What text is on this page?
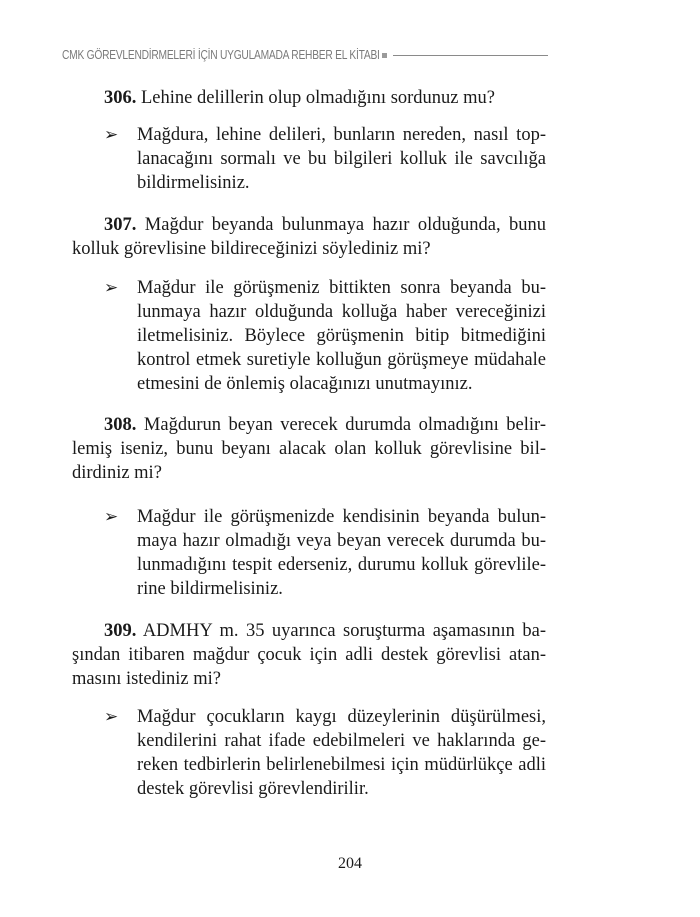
CMK GÖREVLENDİRMELERİ İÇİN UYGULAMADA REHBER EL KİTABI
306. Lehine delillerin olup olmadığını sordunuz mu?
➢ Mağdura, lehine delileri, bunların nereden, nasıl top-
lanacağını sormalı ve bu bilgileri kolluk ile savcılığa
bildirmelisiniz.
307. Mağdur beyanda bulunmaya hazır olduğunda, bunu
kolluk görevlisine bildireceğinizi söylediniz mi?
➢ Mağdur ile görüşmeniz bittikten sonra beyanda bu-
lunmaya hazır olduğunda kolluğa haber vereceğinizi
iletmelisiniz. Böylece görüşmenin bitip bitmediğini
kontrol etmek suretiyle kolluğun görüşmeye müdahale
etmesini de önlemiş olacağınızı unutmayınız.
308. Mağdurun beyan verecek durumda olmadığını belir-
lemiş iseniz, bunu beyanı alacak olan kolluk görevlisine bil-
dirdiniz mi?
➢ Mağdur ile görüşmenizde kendisinin beyanda bulun-
maya hazır olmadığı veya beyan verecek durumda bu-
lunmadığını tespit ederseniz, durumu kolluk görevlile-
rine bildirmelisiniz.
309. ADMHY m. 35 uyarınca soruşturma aşamasının ba-
şından itibaren mağdur çocuk için adli destek görevlisi atan-
masını istediniz mi?
➢ Mağdur çocukların kaygı düzeylerinin düşürülmesi,
kendilerini rahat ifade edebilmeleri ve haklarında ge-
reken tedbirlerin belirlenebilmesi için müdürlükçe adli
destek görevlisi görevlendirilir.
204
